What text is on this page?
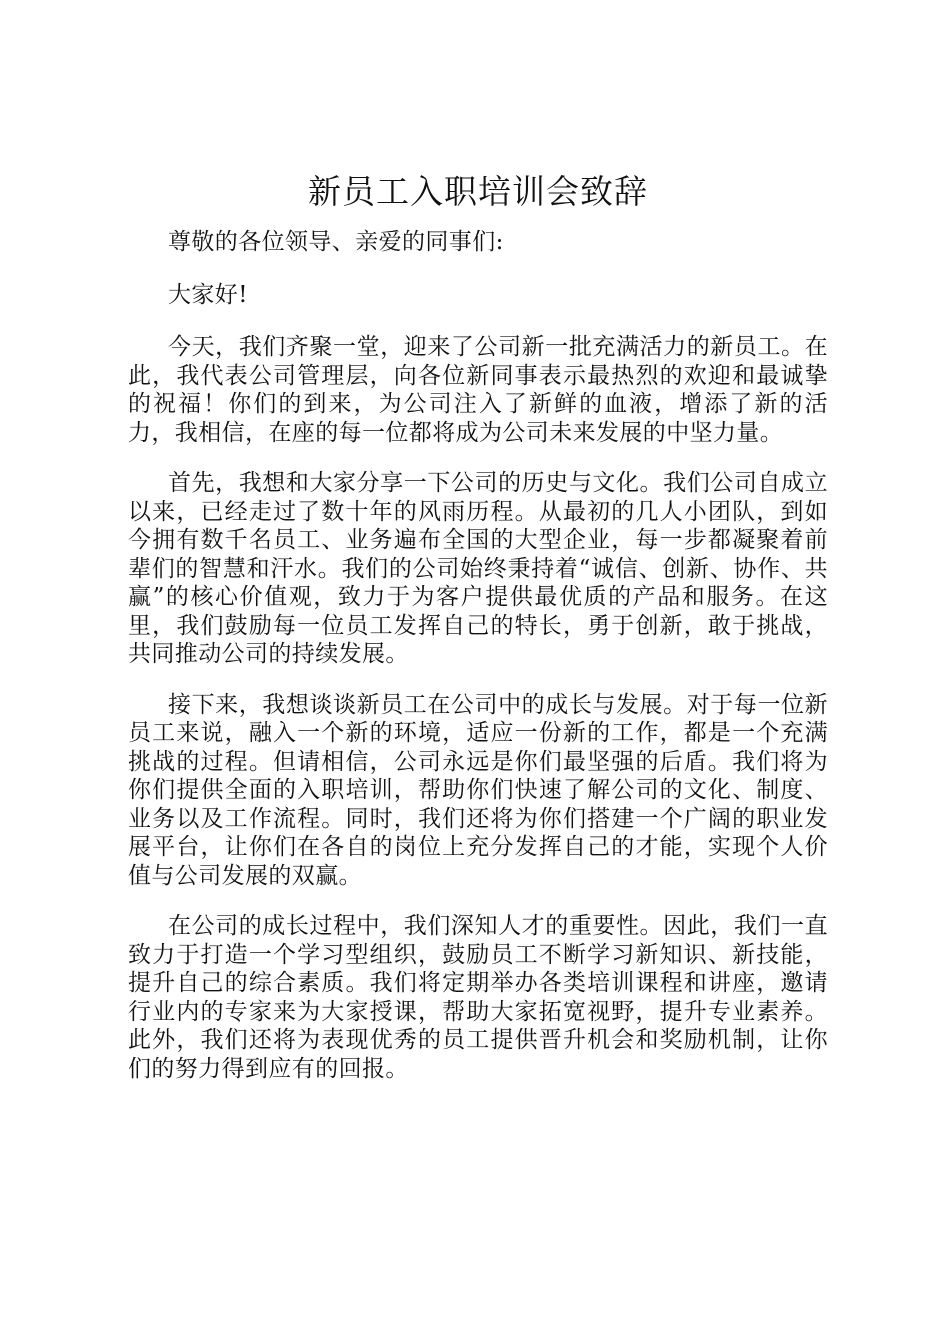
新员工入职培训会致辞

尊敬的各位领导、亲爱的同事们:

大家好!

今天，我们齐聚一堂，迎来了公司新一批充满活力的新员工。在此，我代表公司管理层，向各位新同事表示最热烈的欢迎和最诚挚的祝福！你们的到来，为公司注入了新鲜的血液，增添了新的活力，我相信，在座的每一位都将成为公司未来发展的中坚力量。

首先，我想和大家分享一下公司的历史与文化。我们公司自成立以来，已经走过了数十年的风雨历程。从最初的几人小团队，到如今拥有数千名员工、业务遍布全国的大型企业，每一步都凝聚着前辈们的智慧和汗水。我们的公司始终秉持着“诚信、创新、协作、共赢”的核心价值观，致力于为客户提供最优质的产品和服务。在这里，我们鼓励每一位员工发挥自己的特长，勇于创新，敢于挑战，共同推动公司的持续发展。

接下来，我想谈谈新员工在公司中的成长与发展。对于每一位新员工来说，融入一个新的环境，适应一份新的工作，都是一个充满挑战的过程。但请相信，公司永远是你们最坚强的后盾。我们将为你们提供全面的入职培训，帮助你们快速了解公司的文化、制度、业务以及工作流程。同时，我们还将为你们搭建一个广阔的职业发展平台，让你们在各自的岗位上充分发挥自己的才能，实现个人价值与公司发展的双赢。

在公司的成长过程中，我们深知人才的重要性。因此，我们一直致力于打造一个学习型组织，鼓励员工不断学习新知识、新技能，提升自己的综合素质。我们将定期举办各类培训课程和讲座，邀请行业内的专家来为大家授课，帮助大家拓宽视野，提升专业素养。此外，我们还将为表现优秀的员工提供晋升机会和奖励机制，让你们的努力得到应有的回报。
